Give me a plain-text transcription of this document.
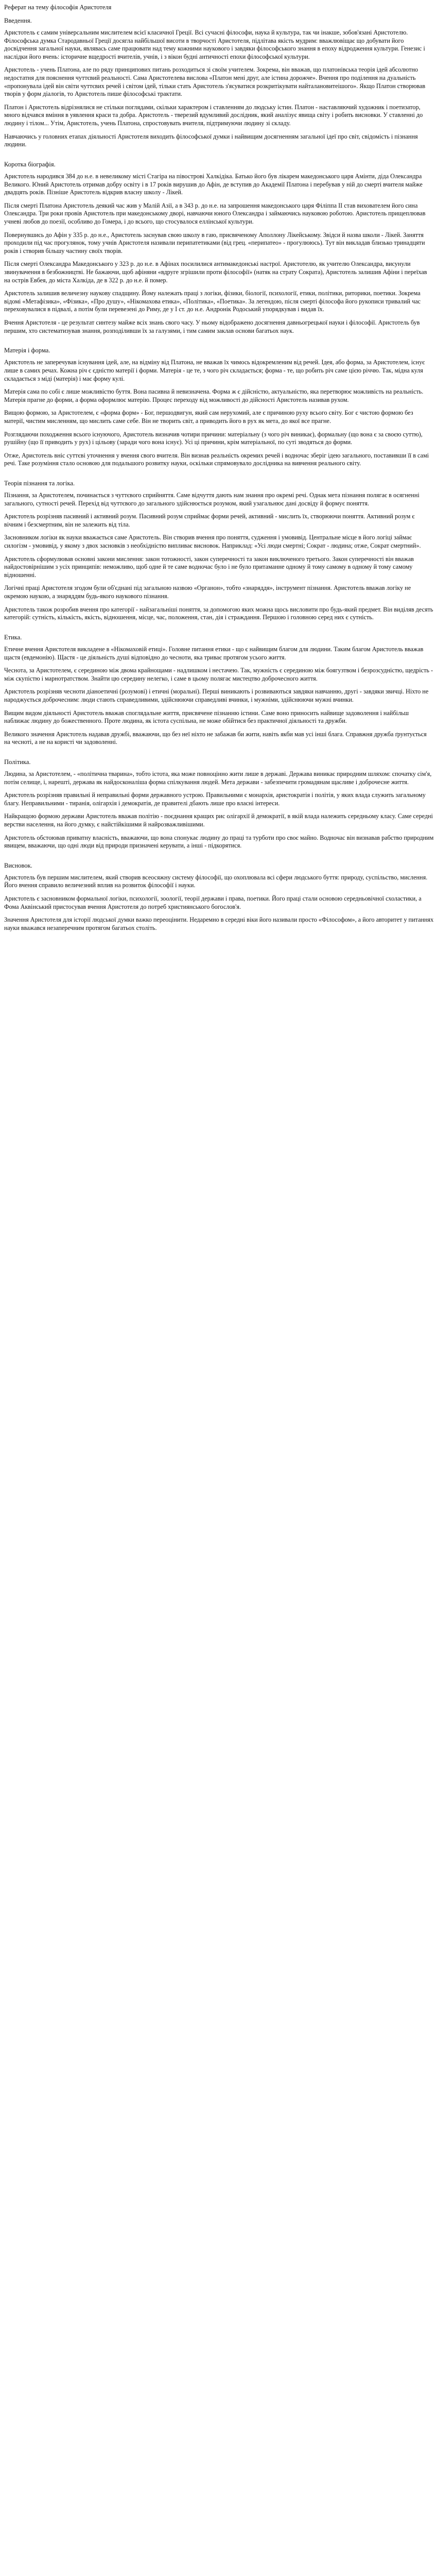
Реферат на тему філософія Аристотеля
Введення.

Аристотель є самим універсальним мислителем всієї класичної Греції. Всі сучасні філософи, наука й культура, так чи інакше, зобов'язані Аристотелю. Філософська думка Стародавньої Греції досягла найбільшої висоти в творчості Аристотеля, підлітава якість мудрим: вважлювіщає що добувати його досвідчення загальної науки, являвась саме працювати над тему кожними наукового і завдяки філософського знання в епоху відродження культури. Генезис і наслідки його вчень: історичне вщедрості вчителів, учнів, і з вікон будні античності епохи філософської культури.

Аристотель - учень Платона, але по ряду принципових питань розходиться зі своїм учителем. Зокрема, він вважав, що платонівська теорія ідей абсолютно недостатня для пояснення чуттєвий реальності. Сама Аристотелева вислова «Платон мені друг, але істина дорожче». Вчення про поділення на дуальність «пропонувала ідей він світи чуттєвих речей і світом ідей, тільки стать Аристотель з'ясуватися розкритікувати найталановитеішого». Якщо Платон створював творів у форм діалогів, то Аристотель пише філософські трактати.

Платон і Аристотель відрізнялися не стільки поглядами, скільки характером і ставленням до людську істин. Платон - наставляючий художник і поетизатор, много відчався вміння в уявлення краси та добра. Аристотель - тверезий вдумливий дослідник, який аналізує явища світу і робить висновки. У ставленні до людину і тілом... Утім, Аристотель, учень Платона, спростовувать вчителя, підтримуючи людину зі складу.

Навчаючись у головних етапах діяльності Аристотеля виходить філософської думки і найвищим досягненням загальної ідеї про світ, свідомість і пізнання людини.

Коротка біографія.

Аристотель народився 384 до н.е. в невеликому місті Стагіра на півострові Халкідіка. Батько його був лікарем македонського царя Амінти, діда Олександра Великого. Юний Аристотель отримав добру освіту і в 17 років вирушив до Афін, де вступив до Академії Платона і перебував у ній до смерті вчителя майже двадцять років. Пізніше Аристотель відкрив власну школу - Лікей.

Після смерті Платона Аристотель деякий час жив у Малій Азії, а в 343 р. до н.е. на запрошення македонського царя Філіппа II став вихователем його сина Олександра. Три роки провів Аристотель при македонському дворі, навчаючи юного Олександра і займаючись науковою роботою. Аристотель прищеплював учневі любов до поезії, особливо до Гомера, і до всього, що стосувалося еллінської культури.

Повернувшись до Афін у 335 р. до н.е., Аристотель заснував свою школу в гаю, присвяченому Аполлону Лікейському. Звідси й назва школи - Лікей. Заняття проходили під час прогулянок, тому учнів Аристотеля називали перипатетиками (від грец. «перипатео» - прогулююсь). Тут він викладав близько тринадцяти років і створив більшу частину своїх творів.

Після смерті Олександра Македонського у 323 р. до н.е. в Афінах посилилися антимакедонські настрої. Аристотелю, як учителю Олександра, висунули звинувачення в безбожництві. Не бажаючи, щоб афіняни «вдруге згрішили проти філософії» (натяк на страту Сократа), Аристотель залишив Афіни і переїхав на острів Евбея, до міста Халкіда, де в 322 р. до н.е. й помер.

Аристотель залишив величезну наукову спадщину. Йому належать праці з логіки, фізики, біології, психології, етики, політики, риторики, поетики. Зокрема відомі «Метафізика», «Фізика», «Про душу», «Нікомахова етика», «Політика», «Поетика». За легендою, після смерті філософа його рукописи тривалий час переховувалися в підвалі, а потім були перевезені до Риму, де у I ст. до н.е. Андронік Родоський упорядкував і видав їх.

Вчення Аристотеля - це результат синтезу майже всіх знань свого часу. У ньому відображено досягнення давньогрецької науки і філософії. Аристотель був першим, хто систематизував знання, розподіливши їх за галузями, і тим самим заклав основи багатьох наук.

Матерія і форма.

Аристотель не заперечував існування ідей, але, на відміну від Платона, не вважав їх чимось відокремленим від речей. Ідея, або форма, за Аристотелем, існує лише в самих речах. Кожна річ є єдністю матерії і форми. Матерія - це те, з чого річ складається; форма - те, що робить річ саме цією річчю. Так, мідна куля складається з міді (матерія) і має форму кулі.

Матерія сама по собі є лише можливістю буття. Вона пасивна й невизначена. Форма ж є дійсністю, актуальністю, яка перетворює можливість на реальність. Матерія прагне до форми, а форма оформлює матерію. Процес переходу від можливості до дійсності Аристотель називав рухом.

Вищою формою, за Аристотелем, є «форма форм» - Бог, першодвигун, який сам нерухомий, але є причиною руху всього світу. Бог є чистою формою без матерії, чистим мисленням, що мислить саме себе. Він не творить світ, а приводить його в рух як мета, до якої все прагне.

Розглядаючи походження всього існуючого, Аристотель визначив чотири причини: матеріальну (з чого річ виникає), формальну (що вона є за своєю суттю), рушійну (що її приводить у рух) і цільову (заради чого вона існує). Усі ці причини, крім матеріальної, по суті зводяться до форми.

Отже, Аристотель вніс суттєві уточнення у вчення свого вчителя. Він визнав реальність окремих речей і водночас зберіг ідею загального, поставивши її в самі речі. Таке розуміння стало основою для подальшого розвитку науки, оскільки спрямовувало дослідника на вивчення реального світу.

Теорія пізнання та логіка.

Пізнання, за Аристотелем, починається з чуттєвого сприйняття. Саме відчуття дають нам знання про окремі речі. Однак мета пізнання полягає в осягненні загального, сутності речей. Перехід від чуттєвого до загального здійснюється розумом, який узагальнює дані досвіду й формує поняття.

Аристотель розрізняв пасивний і активний розум. Пасивний розум сприймає форми речей, активний - мислить їх, створюючи поняття. Активний розум є вічним і безсмертним, він не залежить від тіла.

Засновником логіки як науки вважається саме Аристотель. Він створив вчення про поняття, судження і умовивід. Центральне місце в його логіці займає силогізм - умовивід, у якому з двох засновків з необхідністю випливає висновок. Наприклад: «Усі люди смертні; Сократ - людина; отже, Сократ смертний».

Аристотель сформулював основні закони мислення: закон тотожності, закон суперечності та закон виключеного третього. Закон суперечності він вважав найдостовірнішим з усіх принципів: неможливо, щоб одне й те саме водночас було і не було притаманне одному й тому самому в одному й тому самому відношенні.

Логічні праці Аристотеля згодом були об'єднані під загальною назвою «Органон», тобто «знаряддя», інструмент пізнання. Аристотель вважав логіку не окремою наукою, а знаряддям будь-якого наукового пізнання.

Аристотель також розробив вчення про категорії - найзагальніші поняття, за допомогою яких можна щось висловити про будь-який предмет. Він виділяв десять категорій: сутність, кількість, якість, відношення, місце, час, положення, стан, дія і страждання. Першою і головною серед них є сутність.

Етика.

Етичне вчення Аристотеля викладене в «Нікомаховій етиці». Головне питання етики - що є найвищим благом для людини. Таким благом Аристотель вважав щастя (евдемонію). Щастя - це діяльність душі відповідно до чесноти, яка триває протягом усього життя.

Чеснота, за Аристотелем, є серединою між двома крайнощами - надлишком і нестачею. Так, мужність є серединою між боягузтвом і безрозсудністю, щедрість - між скупістю і марнотратством. Знайти цю середину нелегко, і саме в цьому полягає мистецтво доброчесного життя.

Аристотель розрізняв чесноти діаноетичні (розумові) і етичні (моральні). Перші виникають і розвиваються завдяки навчанню, другі - завдяки звичці. Ніхто не народжується доброчесним: люди стають справедливими, здійснюючи справедливі вчинки, і мужніми, здійснюючи мужні вчинки.

Вищим видом діяльності Аристотель вважав споглядальне життя, присвячене пізнанню істини. Саме воно приносить найвище задоволення і найбільш наближає людину до божественного. Проте людина, як істота суспільна, не може обійтися без практичної діяльності та дружби.

Великого значення Аристотель надавав дружбі, вважаючи, що без неї ніхто не забажав би жити, навіть якби мав усі інші блага. Справжня дружба ґрунтується на чесноті, а не на користі чи задоволенні.

Політика.

Людина, за Аристотелем, - «політична тварина», тобто істота, яка може повноцінно жити лише в державі. Держава виникає природним шляхом: спочатку сім'я, потім селище, і, нарешті, держава як найдосконаліша форма спілкування людей. Мета держави - забезпечити громадянам щасливе і доброчесне життя.

Аристотель розрізняв правильні й неправильні форми державного устрою. Правильними є монархія, аристократія і політія, у яких влада служить загальному благу. Неправильними - тиранія, олігархія і демократія, де правителі дбають лише про власні інтереси.

Найкращою формою держави Аристотель вважав політію - поєднання кращих рис олігархії й демократії, в якій влада належить середньому класу. Саме середні верстви населення, на його думку, є найстійкішими й найрозважливішими.

Аристотель обстоював приватну власність, вважаючи, що вона спонукає людину до праці та турботи про своє майно. Водночас він визнавав рабство природним явищем, вважаючи, що одні люди від природи призначені керувати, а інші - підкорятися.

Висновок.

Аристотель був першим мислителем, який створив всеосяжну систему філософії, що охоплювала всі сфери людського буття: природу, суспільство, мислення. Його вчення справило величезний вплив на розвиток філософії і науки.

Аристотель є засновником формальної логіки, психології, зоології, теорії держави і права, поетики. Його праці стали основою середньовічної схоластики, а Фома Аквінський пристосував вчення Аристотеля до потреб християнського богослов'я.

Значення Аристотеля для історії людської думки важко переоцінити. Недаремно в середні віки його називали просто «Філософом», а його авторитет у питаннях науки вважався незаперечним протягом багатьох століть.
